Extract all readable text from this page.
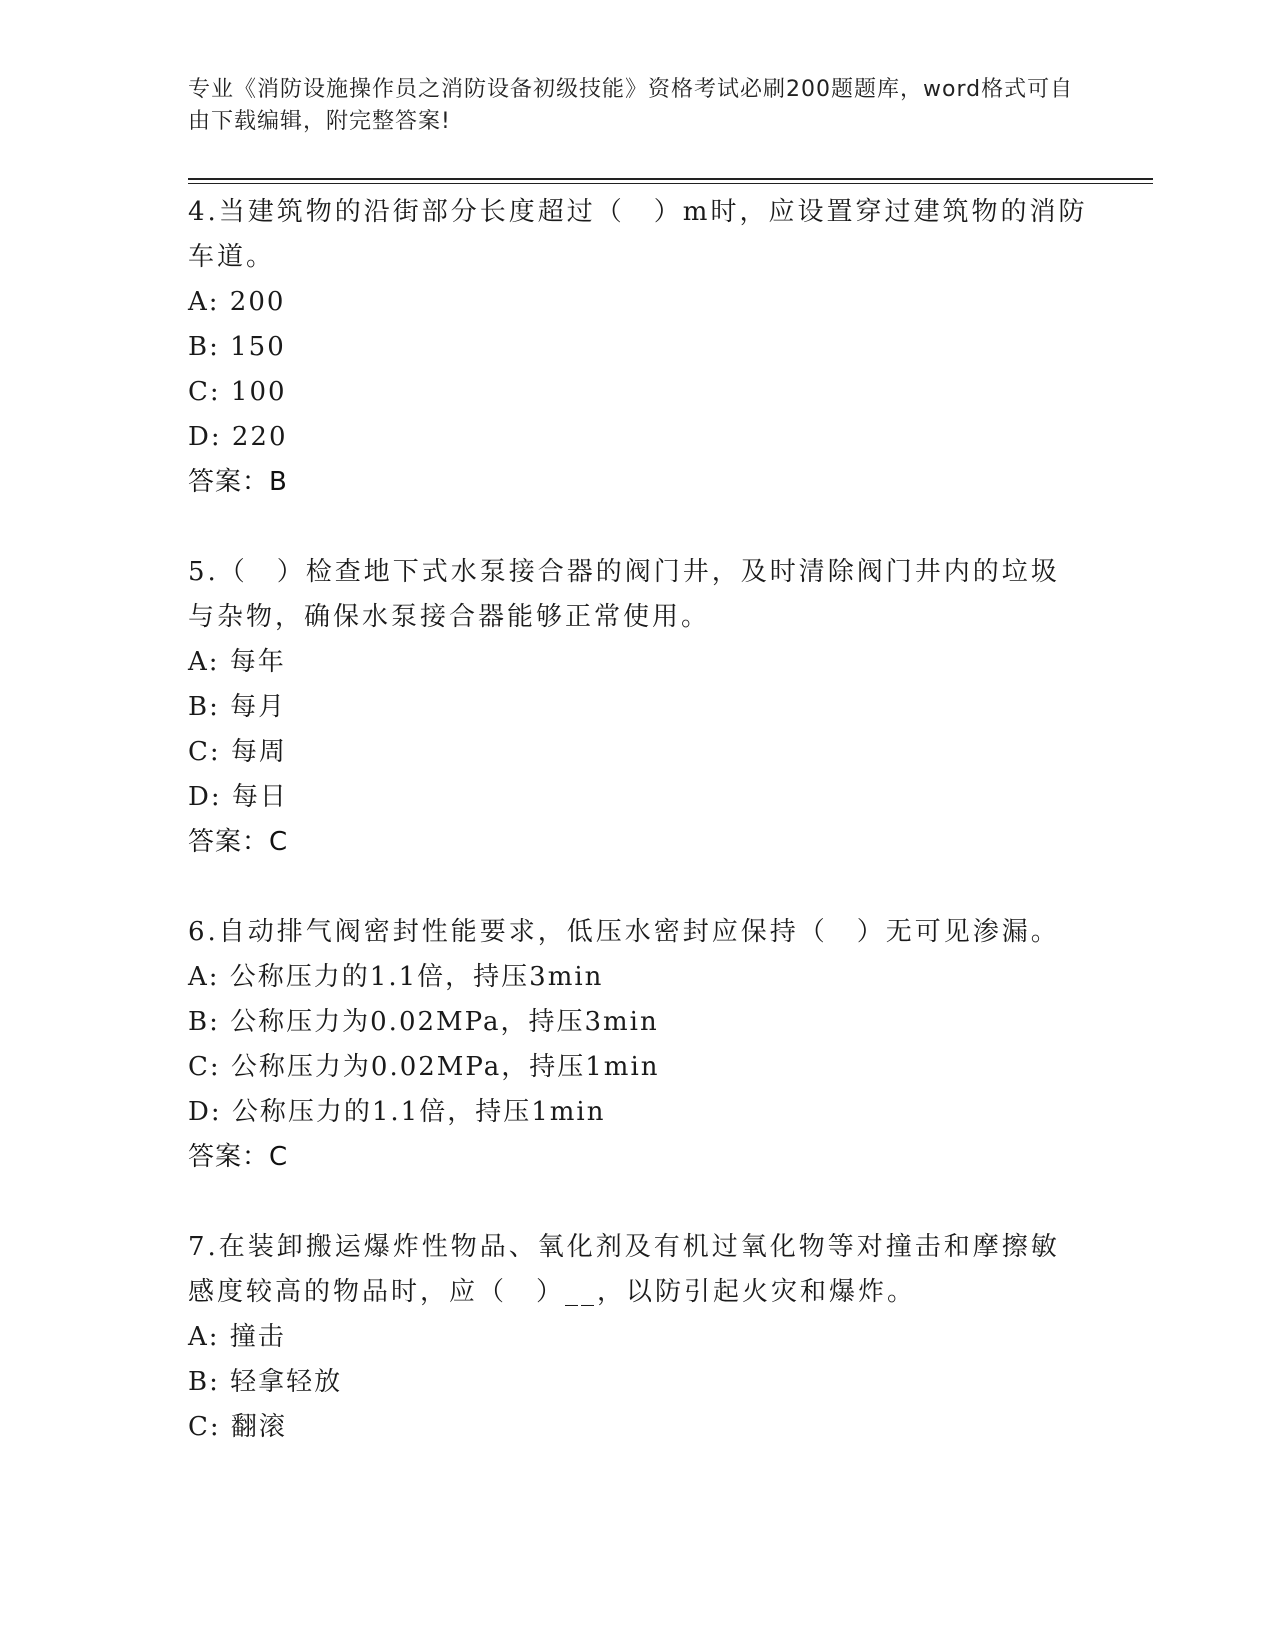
专业《消防设施操作员之消防设备初级技能》资格考试必刷200题题库，word格式可自由下载编辑，附完整答案!
4.当建筑物的沿街部分长度超过（　）m时，应设置穿过建筑物的消防车道。
A: 200
B: 150
C: 100
D: 220
答案：B
5.（　）检查地下式水泵接合器的阀门井，及时清除阀门井内的垃圾与杂物，确保水泵接合器能够正常使用。
A: 每年
B: 每月
C: 每周
D: 每日
答案：C
6.自动排气阀密封性能要求，低压水密封应保持（　）无可见渗漏。
A: 公称压力的1.1倍，持压3min
B: 公称压力为0.02MPa，持压3min
C: 公称压力为0.02MPa，持压1min
D: 公称压力的1.1倍，持压1min
答案：C
7.在装卸搬运爆炸性物品、氧化剂及有机过氧化物等对撞击和摩擦敏感度较高的物品时，应（　）__，以防引起火灾和爆炸。
A: 撞击
B: 轻拿轻放
C: 翻滚
